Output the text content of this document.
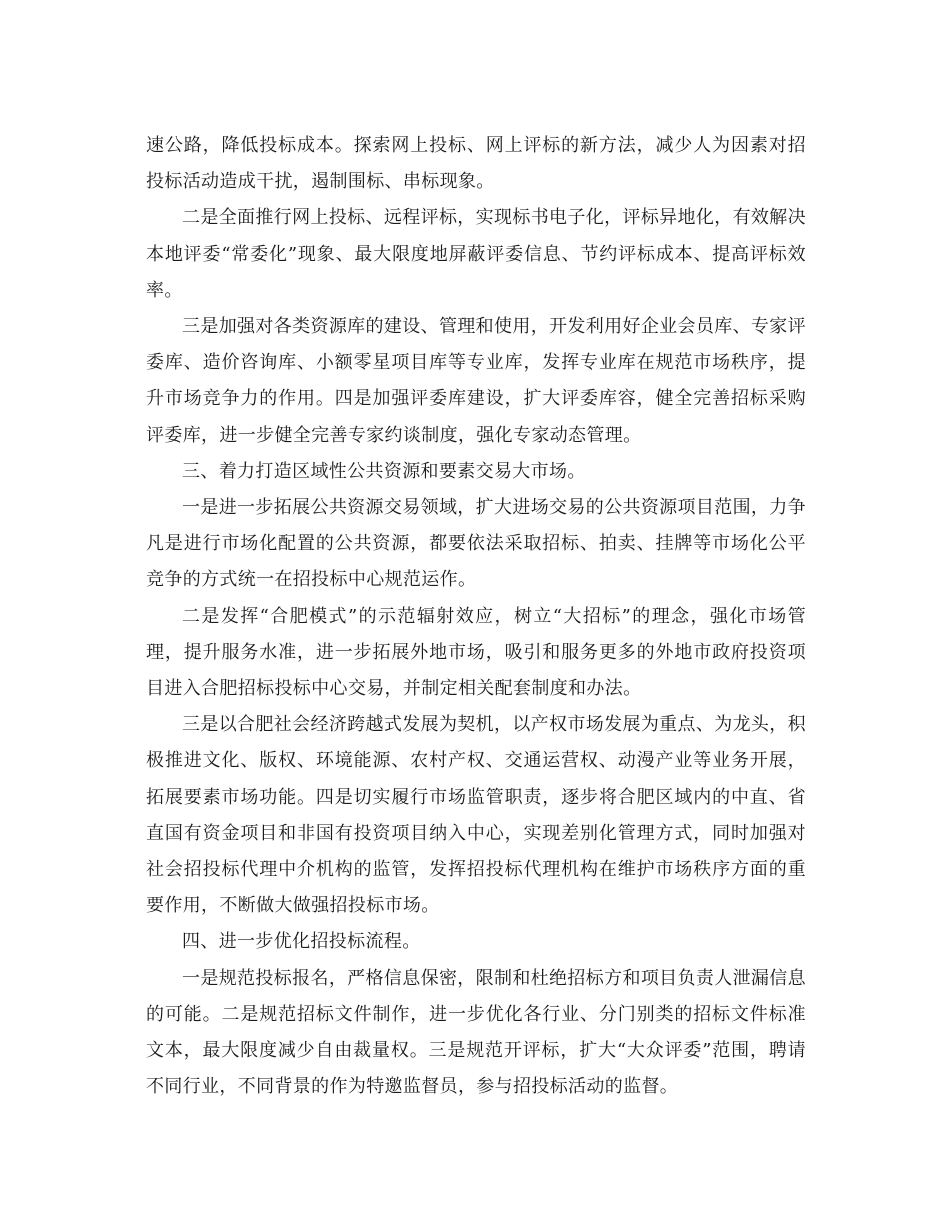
速公路，降低投标成本。探索网上投标、网上评标的新方法，减少人为因素对招投标活动造成干扰，遏制围标、串标现象。

二是全面推行网上投标、远程评标，实现标书电子化，评标异地化，有效解决本地评委“常委化”现象、最大限度地屏蔽评委信息、节约评标成本、提高评标效率。

三是加强对各类资源库的建设、管理和使用，开发利用好企业会员库、专家评委库、造价咨询库、小额零星项目库等专业库，发挥专业库在规范市场秩序，提升市场竞争力的作用。四是加强评委库建设，扩大评委库容，健全完善招标采购评委库，进一步健全完善专家约谈制度，强化专家动态管理。

三、着力打造区域性公共资源和要素交易大市场。

一是进一步拓展公共资源交易领域，扩大进场交易的公共资源项目范围，力争凡是进行市场化配置的公共资源，都要依法采取招标、拍卖、挂牌等市场化公平竞争的方式统一在招投标中心规范运作。

二是发挥“合肥模式”的示范辐射效应，树立“大招标”的理念，强化市场管理，提升服务水准，进一步拓展外地市场，吸引和服务更多的外地市政府投资项目进入合肥招标投标中心交易，并制定相关配套制度和办法。

三是以合肥社会经济跨越式发展为契机，以产权市场发展为重点、为龙头，积极推进文化、版权、环境能源、农村产权、交通运营权、动漫产业等业务开展，拓展要素市场功能。四是切实履行市场监管职责，逐步将合肥区域内的中直、省直国有资金项目和非国有投资项目纳入中心，实现差别化管理方式，同时加强对社会招投标代理中介机构的监管，发挥招投标代理机构在维护市场秩序方面的重要作用，不断做大做强招投标市场。

四、进一步优化招投标流程。

一是规范投标报名，严格信息保密，限制和杜绝招标方和项目负责人泄漏信息的可能。二是规范招标文件制作，进一步优化各行业、分门别类的招标文件标准文本，最大限度减少自由裁量权。三是规范开评标，扩大“大众评委”范围，聘请不同行业，不同背景的作为特邀监督员，参与招投标活动的监督。
